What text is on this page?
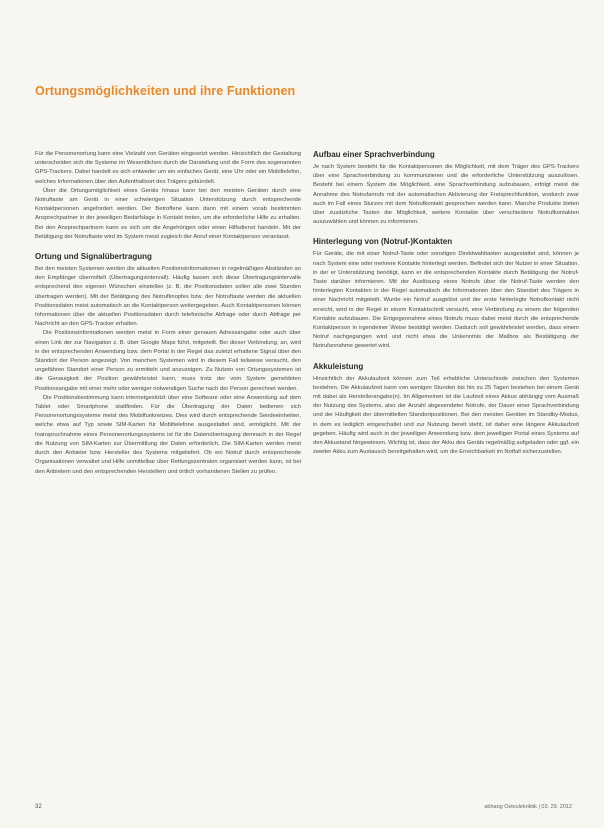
Ortungsmöglichkeiten und ihre Funktionen

Für die Personenortung kann eine Vielzahl von Geräten eingesetzt werden. Hinsichtlich der Gestaltung unterscheiden sich die Systeme im Wesentlichen durch die Darstellung und die Form des sogenannten GPS-Trackers. Dabei handelt es sich entweder um ein einfaches Gerät, eine Uhr oder ein Mobiltelefon, welches Informationen über den Aufenthaltsort des Trägers gebündelt.

Über die Ortungsmöglichkeit eines Geräts hinaus kann bei den meisten Geräten durch eine Notruftaste am Gerät in einer schwierigen Situation Unterstützung durch entsprechende Kontaktpersonen angefordert werden. Der Betroffene kann dann mit einem vorab bestimmten Ansprechpartner in der jeweiligen Bedarfslage in Kontakt treten, um die erforderliche Hilfe zu erhalten. Bei den Ansprechpartnern kann es sich um die Angehörigen oder einen Hilfsdienst handeln. Mit der Betätigung der Notruftaste wird im System meist zugleich der Anruf einer Kontaktperson veranlasst.

Ortung und Signalübertragung

Bei den meisten Systemen werden die aktuellen Positionsinformationen in regelmäßigen Abständen an den Empfänger übermittelt (Übertragungsintervall). Häufig lassen sich diese Übertragungsintervalle entsprechend den eigenen Wünschen einstellen (z. B. die Positionsdaten sollen alle zwei Stunden übertragen werden). Mit der Betätigung des Notrufknopfes bzw. der Notruftaste werden die aktuellen Positionsdaten meist automatisch an die Kontaktperson weitergegeben. Auch Kontaktpersonen können Informationen über die aktuellen Positionsdaten durch telefonische Abfrage oder durch Abfrage per Nachricht an den GPS-Tracker erhalten.

Die Positionsinformationen werden meist in Form einer genauen Adressangabe oder auch über einen Link der zur Navigation z. B. über Google Maps führt, mitgeteilt. Bei dieser Verbindung, an, wird in der entsprechenden Anwendung bzw. dem Portal in der Regel das zuletzt erhaltene Signal über den Standort der Person angezeigt. Von manchen Systemen wird in diesem Fall teilweise versucht, den ungefähren Standort einer Person zu ermitteln und anzuzeigen. Zu Nutzen von Ortungssystemen ist die Genauigkeit der Position gewährleistet kann, muss trotz der vom System gemeldeten Positionsangabe mit einer mehr oder weniger notwendigen Suche nach der Person gerechnet werden.

Die Positionsbestimmung kann internetgestützt über eine Software oder eine Anwendung auf dem Tablet oder Smartphone stattfinden. Für die Übertragung der Daten bedienen sich Personenortungssysteme meist des Mobilfunknetzes. Dies wird durch entsprechende Sendeeinheiten, welche etwa auf Typ sowie SIM-Karten für Mobiltelefone ausgestattet sind, ermöglicht. Mit der Inanspruchnahme eines Personenortungssystems ist für die Datenübertragung demnach in der Regel die Nutzung von SIM-Karten zur Übermittlung der Daten erforderlich. Die SIM-Karten werden meist durch den Anbieter bzw. Hersteller des Systems mitgeliefert. Ob ein Notruf durch entsprechende Organisationen verwaltet und Hilfe unmittelbar über Rettungszentralen organisiert werden kann, ist bei den Anbietern und den entsprechenden Herstellern und örtlich vorhandenen Stellen zu prüfen.

Aufbau einer Sprachverbindung

Je nach System besteht für die Kontaktpersonen die Möglichkeit, mit dem Träger des GPS-Trackers über eine Sprachverbindung zu kommunizieren und die erforderliche Unterstützung auszulösen. Besteht bei einem System die Möglichkeit, eine Sprachverbindung aufzubauen, erfolgt meist die Annahme des Notrufanrufs mit der automatischen Aktivierung der Freisprechfunktion, wodurch zwar auch im Fall eines Sturzes mit dem Notrufkontakt gesprochen werden kann. Manche Produkte bieten über zusätzliche Tasten die Möglichkeit, weitere Kontakte über verschiedene Notrufkontakten auszuwählen und können zu informieren.

Hinterlegung von (Notruf-)Kontakten

Für Geräte, die mit einer Notruf-Taste oder sonstigen Direktwahltasten ausgestattet sind, können je nach System eine oder mehrere Kontakte hinterlegt werden. Befindet sich der Nutzer in einer Situation, in der er Unterstützung benötigt, kann er die entsprechenden Kontakte durch Betätigung der Notruf-Taste darüber informieren. Mit der Auslösung eines Notrufs über die Notruf-Taste werden den hinterlegten Kontakten in der Regel automatisch die Informationen über den Standort des Trägers in einer Nachricht mitgeteilt. Wurde ein Notruf ausgelöst und der erste hinterlegte Notrufkontakt nicht erreicht, wird in der Regel in einem Kontaktschritt versucht, eine Verbindung zu einem der folgenden Kontakte aufzubauen. Die Entgegennahme eines Notrufs muss dabei meist durch die entsprechende Kontaktperson in irgendeiner Weise bestätigt werden. Dadurch soll gewährleistet werden, dass einem Notruf nachgegangen wird und nicht etwa die Unkenntnis der Mailbox als Bestätigung der Notrufannahme gewertet wird.

Akkuleistung

Hinsichtlich der Akkulaufzeit können zum Teil erhebliche Unterschiede zwischen den Systemen bestehen. Die Akkulaufzeit kann von wenigen Stunden bis hin zu 25 Tagen bestehen bei einem Gerät mit dabei als Herstellerangabe(n). Im Allgemeinen ist die Laufzeit eines Akkus abhängig vom Ausmaß der Nutzung des Systems, also der Anzahl abgesendeter Notrufe, der Dauer einer Sprachverbindung und der Häufigkeit der übermittelten Standortpositionen. Bei den meisten Geräten im Standby-Modus, in dem es lediglich eingeschaltet und zur Nutzung bereit steht, ist daher eine längere Akkulaufzeit gegeben. Häufig wird auch in der jeweiligen Anwendung bzw. dem jeweiligen Portal eines Systems auf den Akkustand hingewiesen. Wichtig ist, dass der Akku des Geräts regelmäßig aufgeladen oder ggf. ein zweiter Akku zum Austausch bereitgehalten wird, um die Erreichbarkeit im Notfall sicherzustellen.

32	abhang Ostvulekriktik | 03. 29. 2012
